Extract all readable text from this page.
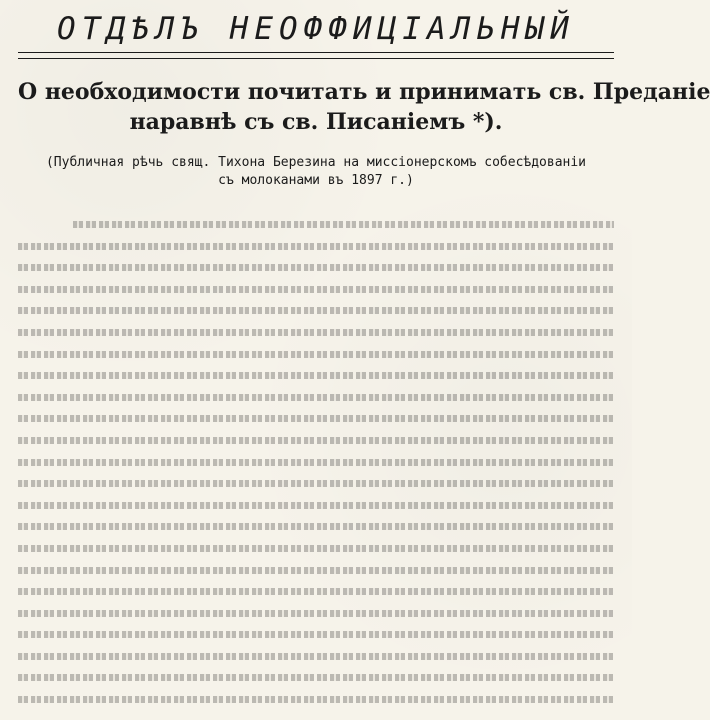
ОТДѢЛЪ НЕОФФИЦІАЛЬНЫЙ
О необходимости почитать и принимать св. Преданіе
наравнѣ съ св. Писаніемъ *).
(Публичная рѣчь свящ. Тихона Березина на миссіонерскомъ собесѣдованіи
съ молоканами въ 1897 г.)
